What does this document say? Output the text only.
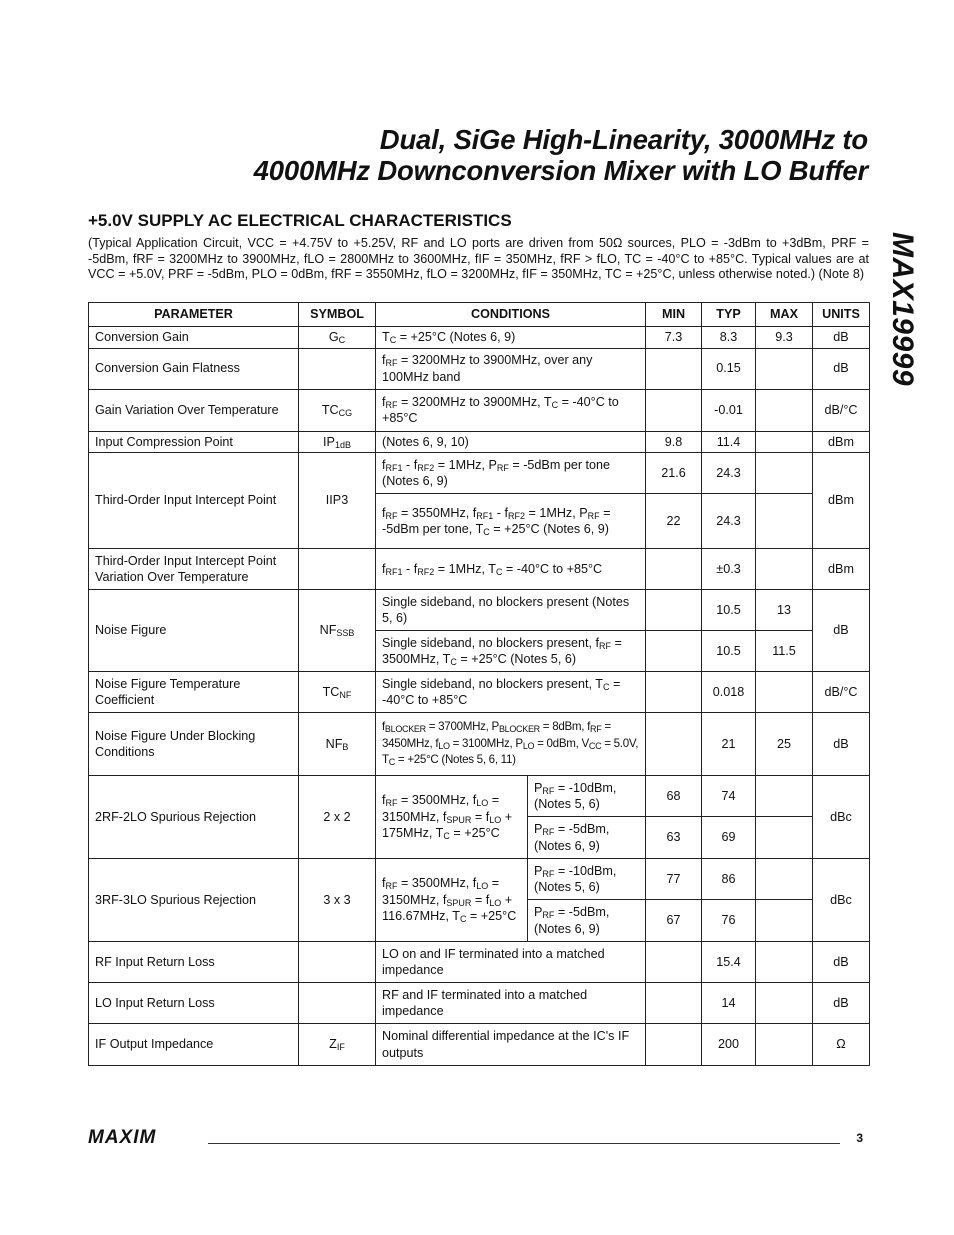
Dual, SiGe High-Linearity, 3000MHz to
4000MHz Downconversion Mixer with LO Buffer
MAX19999
+5.0V SUPPLY AC ELECTRICAL CHARACTERISTICS
(Typical Application Circuit, VCC = +4.75V to +5.25V, RF and LO ports are driven from 50Ω sources, PLO = -3dBm to +3dBm, PRF = -5dBm, fRF = 3200MHz to 3900MHz, fLO = 2800MHz to 3600MHz, fIF = 350MHz, fRF > fLO, TC = -40°C to +85°C. Typical values are at VCC = +5.0V, PRF = -5dBm, PLO = 0dBm, fRF = 3550MHz, fLO = 3200MHz, fIF = 350MHz, TC = +25°C, unless otherwise noted.) (Note 8)
PARAMETER	SYMBOL	CONDITIONS		MIN	TYP	MAX	UNITS
Conversion Gain	$G_C$	$T_C = +25^\circ C$ (Notes 6, 9)		7.3	8.3	9.3	dB
Conversion Gain Flatness		$f_{RF} = 3200MHz$ to 3900MHz, over any 100MHz band			0.15		dB
Gain Variation Over Temperature	$TC_{CG}$	$f_{RF} = 3200MHz$ to 3900MHz, $T_C = -40^\circ C$ to +85°C			-0.01		dB/°C
Input Compression Point	$IP_{1dB}$	(Notes 6, 9, 10)		9.8	11.4		dBm
Third-Order Input Intercept Point	IIP3	$f_{RF1} - f_{RF2} = 1MHz$, $P_{RF} = -5dBm$ per tone (Notes 6, 9)		21.6	24.3		dBm
		$f_{RF} = 3550MHz$, $f_{RF1} - f_{RF2} = 1MHz$, $P_{RF} = -5dBm$ per tone, $T_C = +25^\circ C$ (Notes 6, 9)		22	24.3		
Third-Order Input Intercept Point Variation Over Temperature		$f_{RF1} - f_{RF2} = 1MHz$, $T_C = -40^\circ C$ to +85°C			±0.3		dBm
Noise Figure	$NF_{SSB}$	Single sideband, no blockers present (Notes 5, 6)			10.5	13	dB
		Single sideband, no blockers present, $f_{RF} = 3500MHz$, $T_C = +25^\circ C$ (Notes 5, 6)			10.5	11.5	
Noise Figure Temperature Coefficient	$TC_{NF}$	Single sideband, no blockers present, $T_C = -40^\circ C$ to +85°C			0.018		dB/°C
Noise Figure Under Blocking Conditions	$NF_B$	$f_{BLOCKER} = 3700MHz$, $P_{BLOCKER} = 8dBm$, $f_{RF} = 3450MHz$, $f_{LO} = 3100MHz$, $P_{LO} = 0dBm$, $V_{CC} = 5.0V$, $T_C = +25^\circ C$ (Notes 5, 6, 11)			21	25	dB
2RF-2LO Spurious Rejection	2 x 2	$f_{RF} = 3500MHz$, $f_{LO} = 3150MHz$, $f_{SPUR} = f_{LO} + 175MHz$, $T_C = +25^\circ C$	$P_{RF} = -10dBm$, (Notes 5, 6)	68	74		dBc
			$P_{RF} = -5dBm$, (Notes 6, 9)	63	69		
3RF-3LO Spurious Rejection	3 x 3	$f_{RF} = 3500MHz$, $f_{LO} = 3150MHz$, $f_{SPUR} = f_{LO} + 116.67MHz$, $T_C = +25^\circ C$	$P_{RF} = -10dBm$, (Notes 5, 6)	77	86		dBc
			$P_{RF} = -5dBm$, (Notes 6, 9)	67	76		
RF Input Return Loss		LO on and IF terminated into a matched impedance			15.4		dB
LO Input Return Loss		RF and IF terminated into a matched impedance			14		dB
IF Output Impedance	$Z_{IF}$	Nominal differential impedance at the IC's IF outputs			200		Ω
MAXIM	3
